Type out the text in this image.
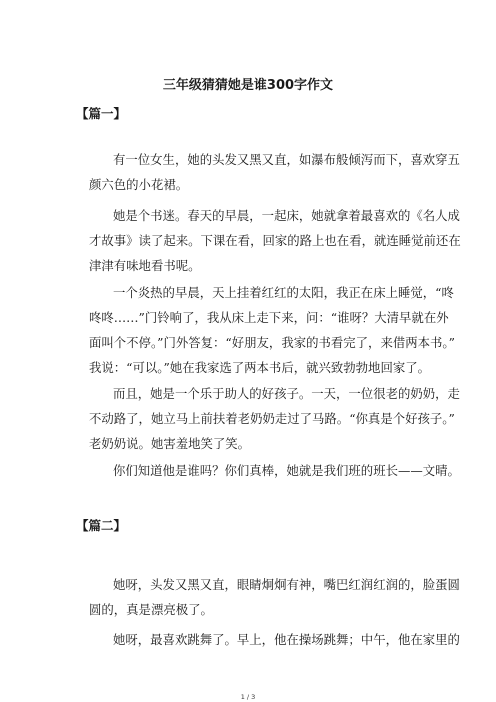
三年级猜猜她是谁300字作文
【篇一】
有一位女生，她的头发又黑又直，如瀑布般倾泻而下，喜欢穿五
颜六色的小花裙。
她是个书迷。春天的早晨，一起床，她就拿着最喜欢的《名人成
才故事》读了起来。下课在看，回家的路上也在看，就连睡觉前还在
津津有味地看书呢。
一个炎热的早晨，天上挂着红红的太阳，我正在床上睡觉，“咚
咚咚……”门铃响了，我从床上走下来，问：“谁呀？大清早就在外
面叫个不停。”门外答复：“好朋友，我家的书看完了，来借两本书。”
我说：“可以。”她在我家选了两本书后，就兴致勃勃地回家了。
而且，她是一个乐于助人的好孩子。一天，一位很老的奶奶，走
不动路了，她立马上前扶着老奶奶走过了马路。“你真是个好孩子。”
老奶奶说。她害羞地笑了笑。
你们知道他是谁吗？你们真棒，她就是我们班的班长——文晴。
【篇二】
她呀，头发又黑又直，眼睛炯炯有神，嘴巴红润红润的，脸蛋圆
圆的，真是漂亮极了。
她呀，最喜欢跳舞了。早上，他在操场跳舞；中午，他在家里的
1 / 3
